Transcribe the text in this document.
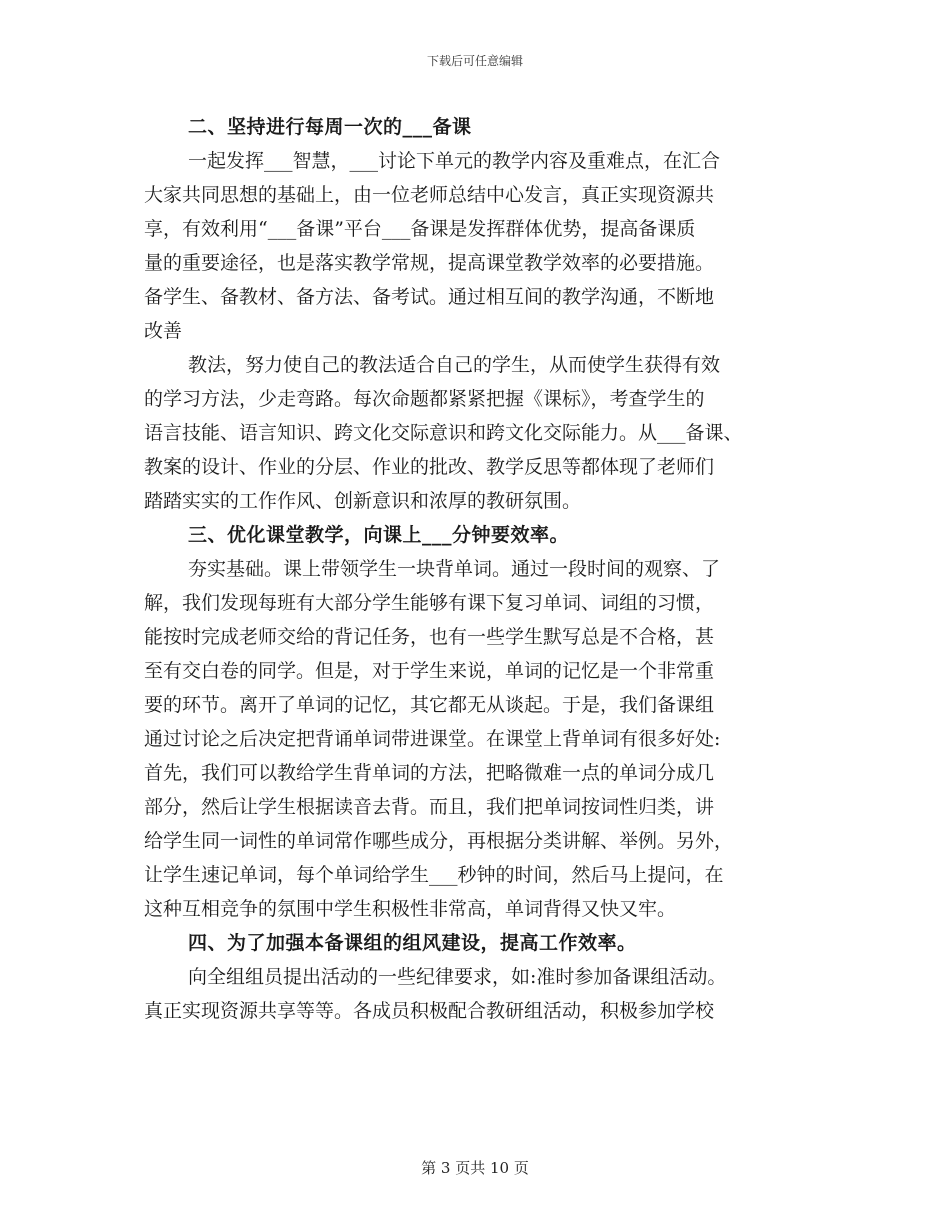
下载后可任意编辑
二、坚持进行每周一次的___备课
一起发挥___智慧，___讨论下单元的教学内容及重难点，在汇合
大家共同思想的基础上，由一位老师总结中心发言，真正实现资源共
享，有效利用“___备课”平台___备课是发挥群体优势，提高备课质
量的重要途径，也是落实教学常规，提高课堂教学效率的必要措施。
备学生、备教材、备方法、备考试。通过相互间的教学沟通，不断地
改善
教法，努力使自己的教法适合自己的学生，从而使学生获得有效
的学习方法，少走弯路。每次命题都紧紧把握《课标》，考查学生的
语言技能、语言知识、跨文化交际意识和跨文化交际能力。从___备课、
教案的设计、作业的分层、作业的批改、教学反思等都体现了老师们
踏踏实实的工作作风、创新意识和浓厚的教研氛围。
三、优化课堂教学，向课上___分钟要效率。
夯实基础。课上带领学生一块背单词。通过一段时间的观察、了
解，我们发现每班有大部分学生能够有课下复习单词、词组的习惯，
能按时完成老师交给的背记任务，也有一些学生默写总是不合格，甚
至有交白卷的同学。但是，对于学生来说，单词的记忆是一个非常重
要的环节。离开了单词的记忆，其它都无从谈起。于是，我们备课组
通过讨论之后决定把背诵单词带进课堂。在课堂上背单词有很多好处:
首先，我们可以教给学生背单词的方法，把略微难一点的单词分成几
部分，然后让学生根据读音去背。而且，我们把单词按词性归类，讲
给学生同一词性的单词常作哪些成分，再根据分类讲解、举例。另外，
让学生速记单词，每个单词给学生___秒钟的时间，然后马上提问，在
这种互相竞争的氛围中学生积极性非常高，单词背得又快又牢。
四、为了加强本备课组的组风建设，提高工作效率。
向全组组员提出活动的一些纪律要求，如:准时参加备课组活动。
真正实现资源共享等等。各成员积极配合教研组活动，积极参加学校
第 3 页共 10 页
